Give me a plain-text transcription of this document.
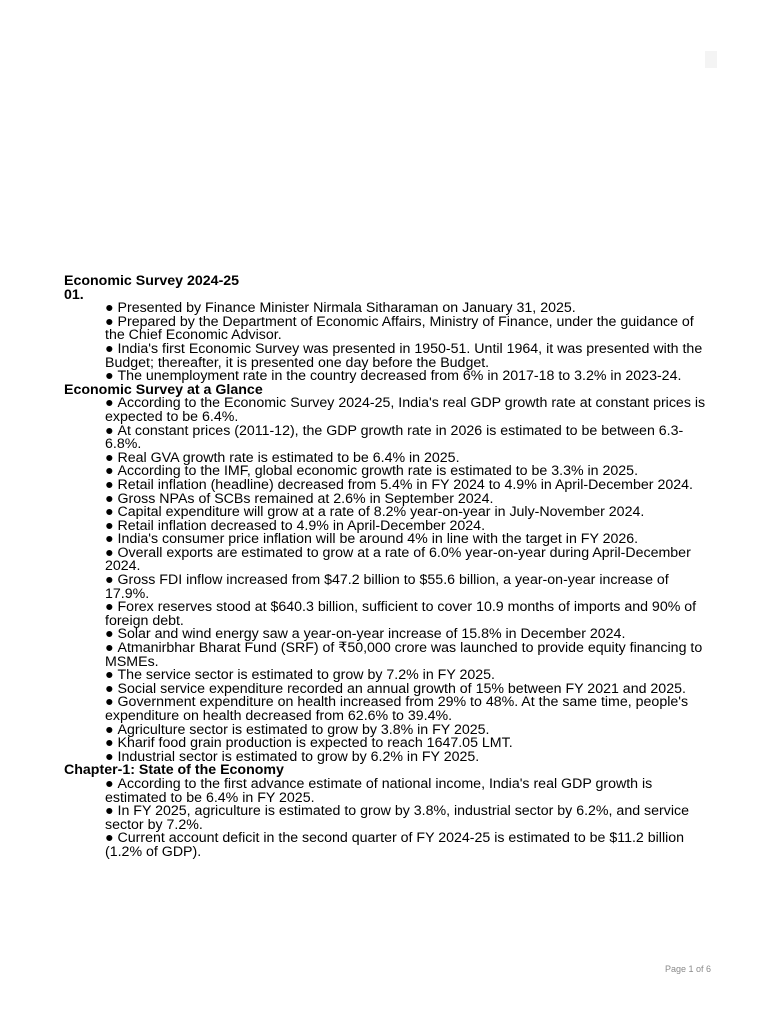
Economic Survey 2024-25
01.
● Presented by Finance Minister Nirmala Sitharaman on January 31, 2025.
● Prepared by the Department of Economic Affairs, Ministry of Finance, under the guidance of the Chief Economic Advisor.
● India's first Economic Survey was presented in 1950-51. Until 1964, it was presented with the Budget; thereafter, it is presented one day before the Budget.
● The unemployment rate in the country decreased from 6% in 2017-18 to 3.2% in 2023-24.
Economic Survey at a Glance
● According to the Economic Survey 2024-25, India's real GDP growth rate at constant prices is expected to be 6.4%.
● At constant prices (2011-12), the GDP growth rate in 2026 is estimated to be between 6.3-6.8%.
● Real GVA growth rate is estimated to be 6.4% in 2025.
● According to the IMF, global economic growth rate is estimated to be 3.3% in 2025.
● Retail inflation (headline) decreased from 5.4% in FY 2024 to 4.9% in April-December 2024.
● Gross NPAs of SCBs remained at 2.6% in September 2024.
● Capital expenditure will grow at a rate of 8.2% year-on-year in July-November 2024.
● Retail inflation decreased to 4.9% in April-December 2024.
● India's consumer price inflation will be around 4% in line with the target in FY 2026.
● Overall exports are estimated to grow at a rate of 6.0% year-on-year during April-December 2024.
● Gross FDI inflow increased from $47.2 billion to $55.6 billion, a year-on-year increase of 17.9%.
● Forex reserves stood at $640.3 billion, sufficient to cover 10.9 months of imports and 90% of foreign debt.
● Solar and wind energy saw a year-on-year increase of 15.8% in December 2024.
● Atmanirbhar Bharat Fund (SRF) of ₹50,000 crore was launched to provide equity financing to MSMEs.
● The service sector is estimated to grow by 7.2% in FY 2025.
● Social service expenditure recorded an annual growth of 15% between FY 2021 and 2025.
● Government expenditure on health increased from 29% to 48%. At the same time, people's expenditure on health decreased from 62.6% to 39.4%.
● Agriculture sector is estimated to grow by 3.8% in FY 2025.
● Kharif food grain production is expected to reach 1647.05 LMT.
● Industrial sector is estimated to grow by 6.2% in FY 2025.
Chapter-1: State of the Economy
● According to the first advance estimate of national income, India's real GDP growth is estimated to be 6.4% in FY 2025.
● In FY 2025, agriculture is estimated to grow by 3.8%, industrial sector by 6.2%, and service sector by 7.2%.
● Current account deficit in the second quarter of FY 2024-25 is estimated to be $11.2 billion (1.2% of GDP).
Page 1 of 6
